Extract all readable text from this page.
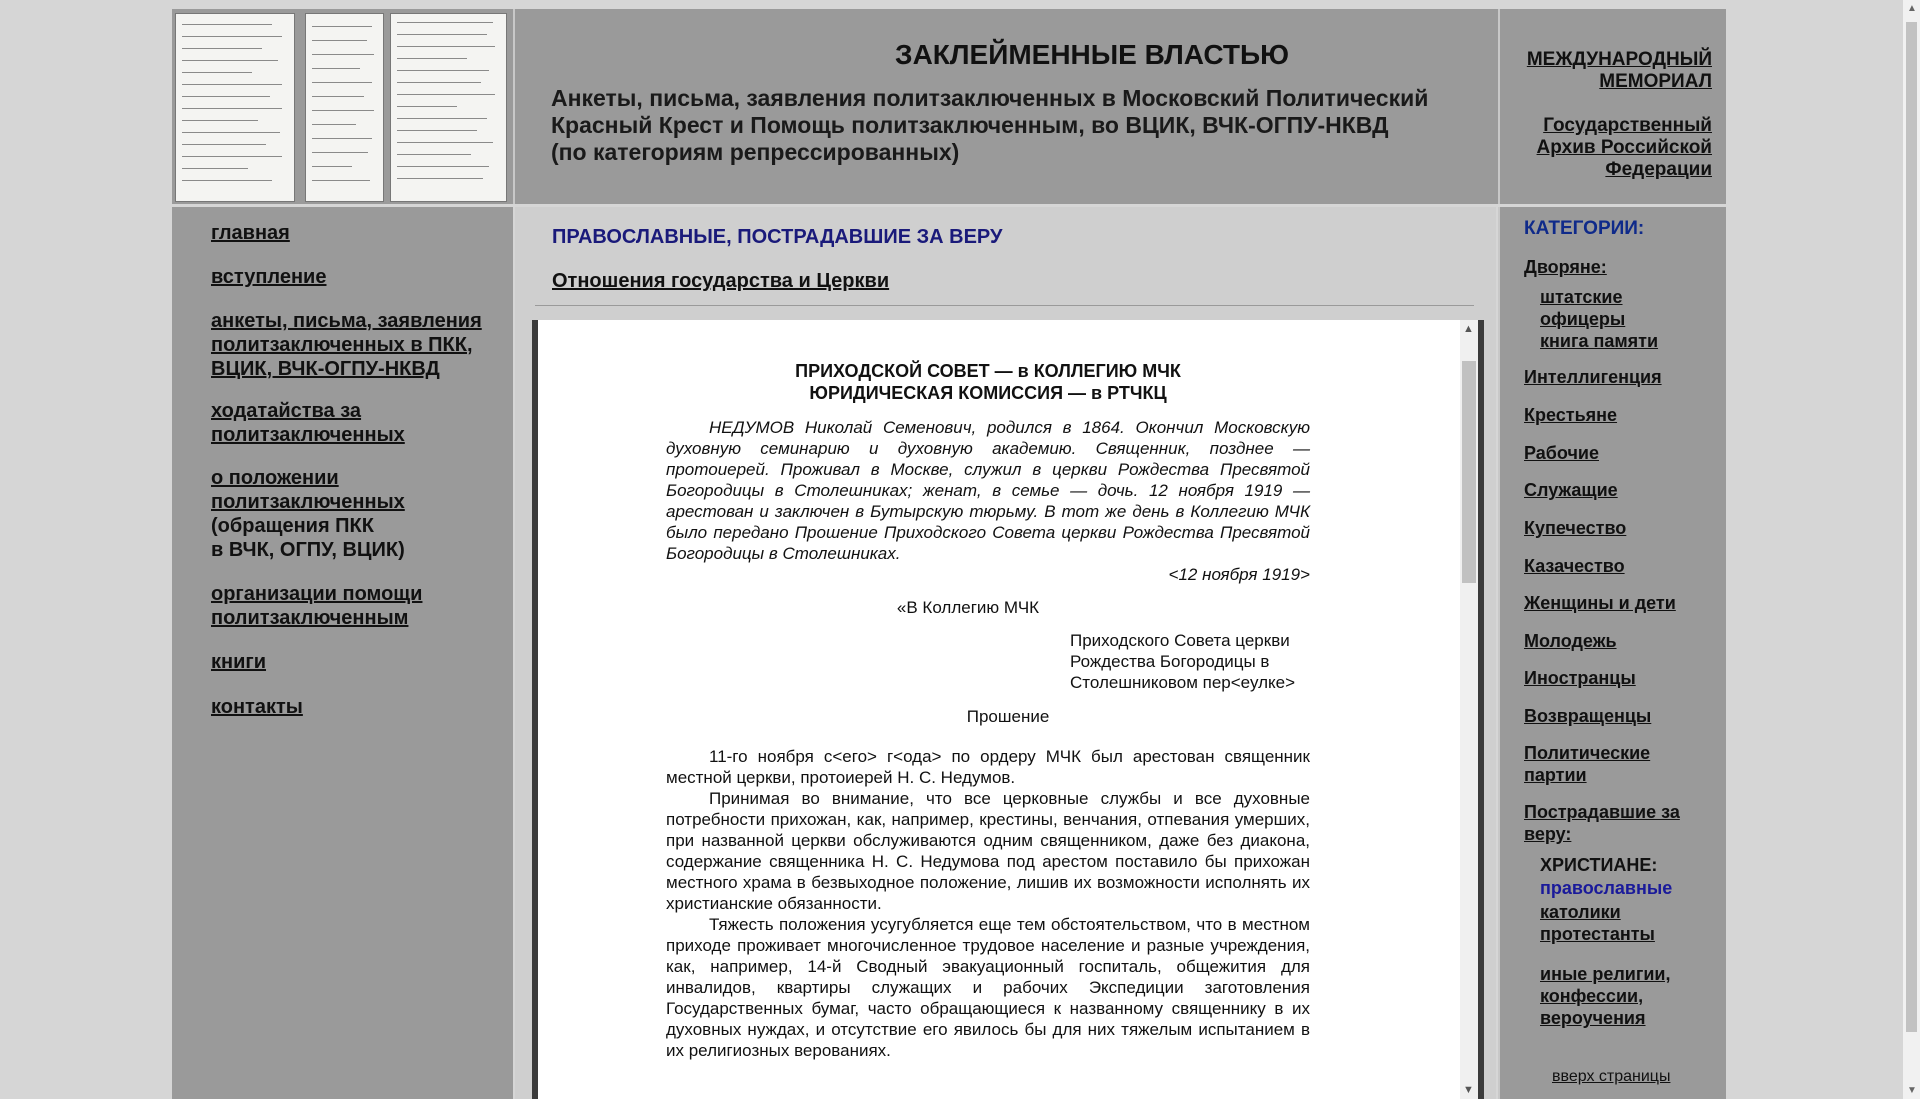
ЗАКЛЕЙМЕННЫЕ ВЛАСТЬЮ
Анкеты, письма, заявления политзаключенных в Московский Политический
Красный Крест и Помощь политзаключенным, во ВЦИК, ВЧК-ОГПУ-НКВД
(по категориям репрессированных)
МЕЖДУНАРОДНЫЙ
МЕМОРИАЛ
Государственный
Архив Российской
Федерации
главная
вступление
анкеты, письма, заявления
политзаключенных в ПКК,
ВЦИК, ВЧК-ОГПУ-НКВД
ходатайства за
политзаключенных
о положении
политзаключенных
(обращения ПКК
в ВЧК, ОГПУ, ВЦИК)
организации помощи
политзаключенным
книги
контакты
ПРАВОСЛАВНЫЕ, ПОСТРАДАВШИЕ ЗА ВЕРУ
Отношения государства и Церкви
ПРИХОДСКОЙ СОВЕТ — в КОЛЛЕГИЮ МЧК
ЮРИДИЧЕСКАЯ КОМИССИЯ — в РТЧКЦ
НЕДУМОВ Николай Семенович, родился в 1864. Окончил Московскую духовную семинарию и духовную академию. Священник, позднее — протоиерей. Проживал в Москве, служил в церкви Рождества Пресвятой Богородицы в Столешниках; женат, в семье — дочь. 12 ноября 1919 — арестован и заключен в Бутырскую тюрьму. В тот же день в Коллегию МЧК было передано Прошение Приходского Совета церкви Рождества Пресвятой Богородицы в Столешниках.
<12 ноября 1919>
«В Коллегию МЧК
Приходского Совета церкви
Рождества Богородицы в
Столешниковом пер<еулке>
Прошение
11-го ноября с<его> г<ода> по ордеру МЧК был арестован священник местной церкви, протоиерей Н. С. Недумов.
Принимая во внимание, что все церковные службы и все духовные потребности прихожан, как, например, крестины, венчания, отпевания умерших, при названной церкви обслуживаются одним священником, даже без диакона, содержание священника Н. С. Недумова под арестом поставило бы прихожан местного храма в безвыходное положение, лишив их возможности исполнять их христианские обязанности.
Тяжесть положения усугубляется еще тем обстоятельством, что в местном приходе проживает многочисленное трудовое население и разные учреждения, как, например, 14-й Сводный эвакуационный госпиталь, общежития для инвалидов, квартиры служащих и рабочих Экспедиции заготовления Государственных бумаг, часто обращающиеся к названному священнику в их духовных нуждах, и отсутствие его явилось бы для них тяжелым испытанием в их религиозных верованиях.
▲
▼
КАТЕГОРИИ:
Дворяне:
штатские
офицеры
книга памяти
Интеллигенция
Крестьяне
Рабочие
Служащие
Купечество
Казачество
Женщины и дети
Молодежь
Иностранцы
Возвращенцы
Политические
партии
Пострадавшие за
веру:
ХРИСТИАНЕ:
православные
католики
протестанты
иные религии,
конфессии,
вероучения
вверх страницы
▲
▼
